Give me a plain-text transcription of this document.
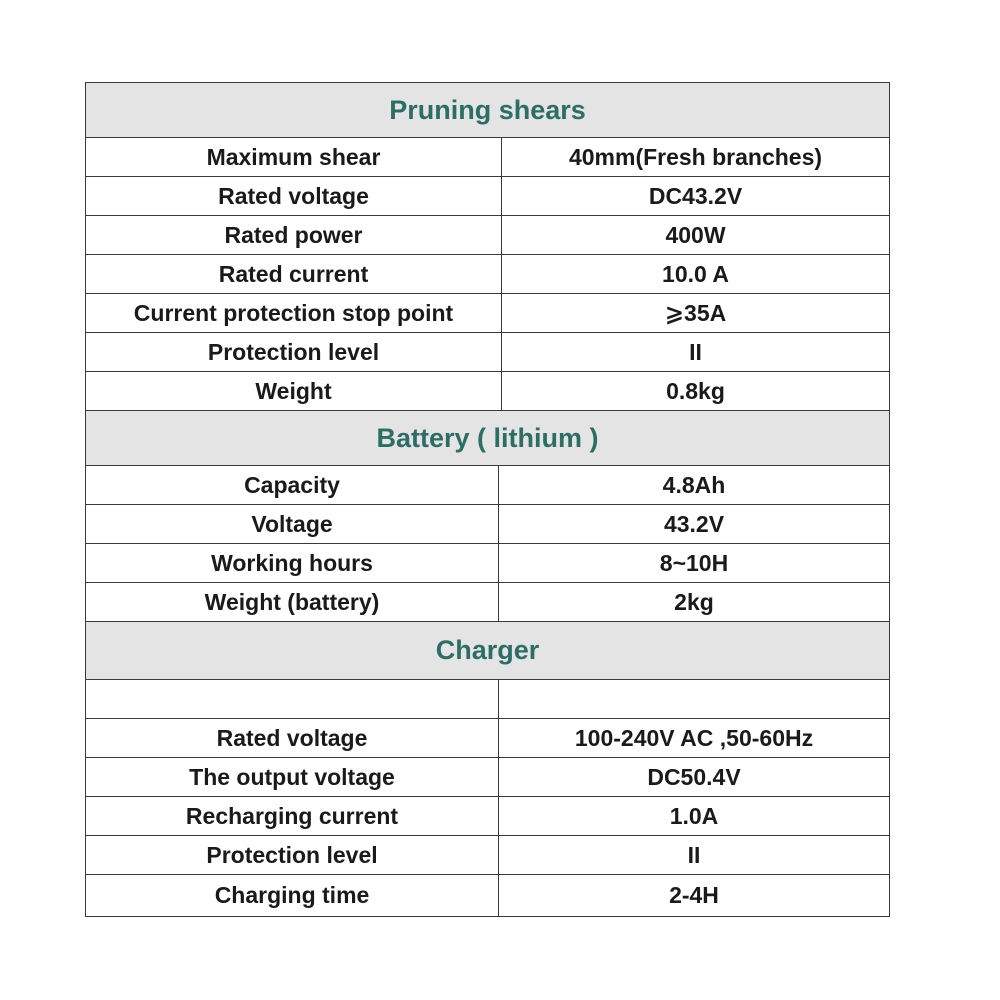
Pruning shears
Maximum shear	40mm(Fresh branches)
Rated voltage	DC43.2V
Rated power	400W
Rated current	10.0 A
Current protection stop point	⩾35A
Protection level	II
Weight	0.8kg
Battery ( lithium )
Capacity	4.8Ah
Voltage	43.2V
Working hours	8~10H
Weight (battery)	2kg
Charger
Rated voltage	100-240V AC ,50-60Hz
The output voltage	DC50.4V
Recharging current	1.0A
Protection level	II
Charging time	2-4H
